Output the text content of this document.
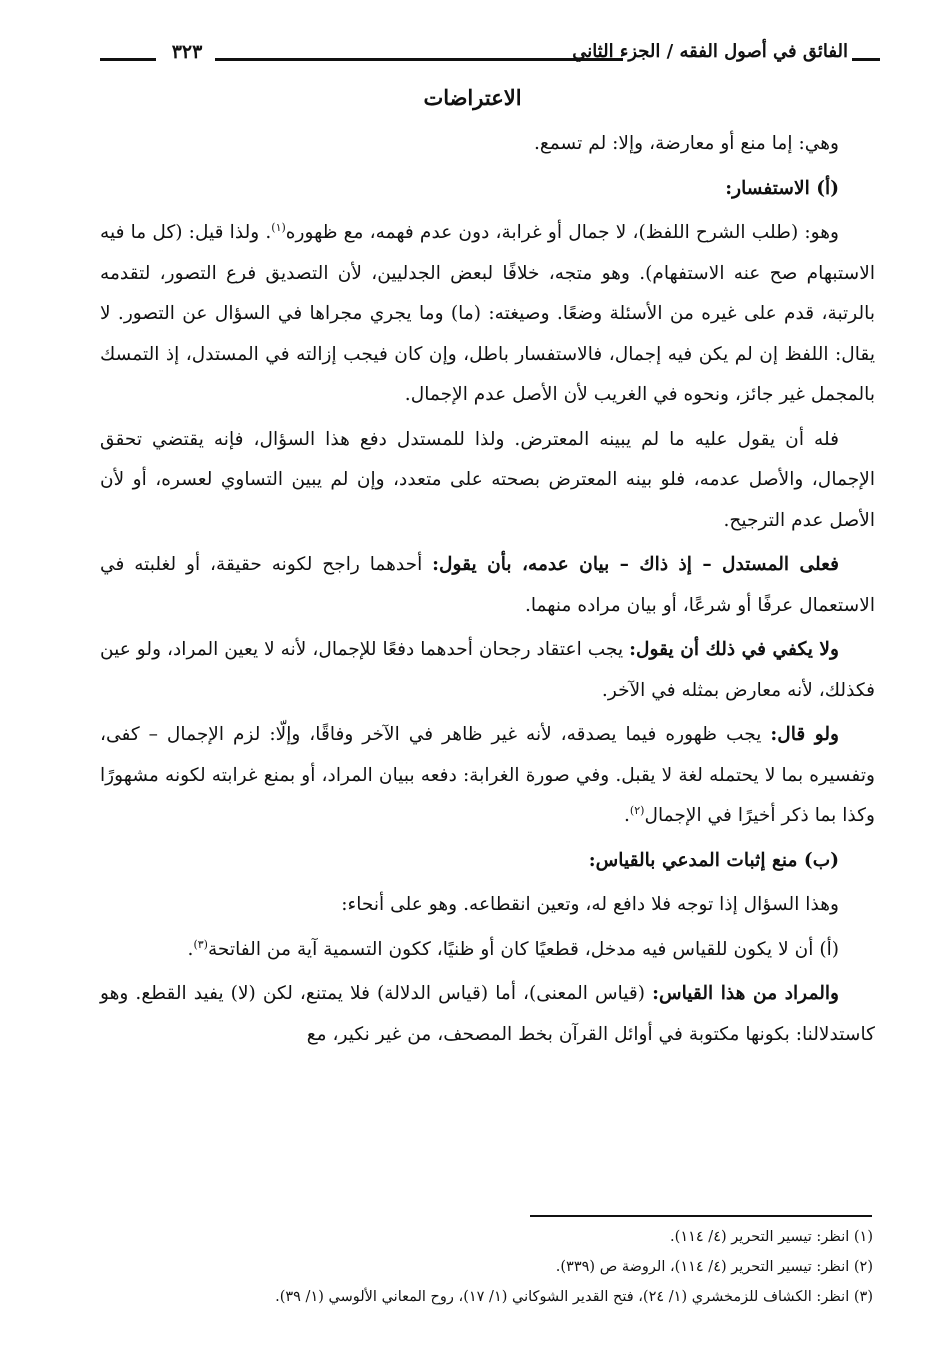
٣٢٣	الفائق في أصول الفقه / الجزء الثاني
الاعتراضات

وهي: إما منع أو معارضة، وإلا: لم تسمع.

(أ) الاستفسار:

وهو: (طلب الشرح اللفظ)، لا جمال أو غرابة، دون عدم فهمه، مع ظهوره$^{(١)}$. ولذا قيل: (كل ما فيه الاستبهام صح عنه الاستفهام). وهو متجه، خلافًا لبعض الجدليين، لأن التصديق فرع التصور، لتقدمه بالرتبة، قدم على غيره من الأسئلة وضعًا. وصيغته: (ما) وما يجري مجراها في السؤال عن التصور. لا يقال: اللفظ إن لم يكن فيه إجمال، فالاستفسار باطل، وإن كان فيجب إزالته في المستدل، إذ التمسك بالمجمل غير جائز، ونحوه في الغريب لأن الأصل عدم الإجمال.

فله أن يقول عليه ما لم يبينه المعترض. ولذا للمستدل دفع هذا السؤال، فإنه يقتضي تحقق الإجمال، والأصل عدمه، فلو بينه المعترض بصحته على متعدد، وإن لم يبين التساوي لعسره، أو لأن الأصل عدم الترجيح.

فعلى المستدل – إذ ذاك – بيان عدمه، بأن يقول: أحدهما راجح لكونه حقيقة، أو لغلبته في الاستعمال عرفًا أو شرعًا، أو بيان مراده منهما.

ولا يكفي في ذلك أن يقول: يجب اعتقاد رجحان أحدهما دفعًا للإجمال، لأنه لا يعين المراد، ولو عين فكذلك، لأنه معارض بمثله في الآخر.

ولو قال: يجب ظهوره فيما يصدقه، لأنه غير ظاهر في الآخر وفاقًا، وإلّا: لزم الإجمال – كفى، وتفسيره بما لا يحتمله لغة لا يقبل. وفي صورة الغرابة: دفعه ببيان المراد، أو بمنع غرابته لكونه مشهورًا وكذا بما ذكر أخيرًا في الإجمال$^{(٢)}$.

(ب) منع إثبات المدعي بالقياس:

وهذا السؤال إذا توجه فلا دافع له، وتعين انقطاعه. وهو على أنحاء:

(أ) أن لا يكون للقياس فيه مدخل، قطعيًا كان أو ظنيًا، ككون التسمية آية من الفاتحة$^{(٣)}$.

والمراد من هذا القياس: (قياس المعنى)، أما (قياس الدلالة) فلا يمتنع، لكن (لا) يفيد القطع. وهو كاستدلالنا: بكونها مكتوبة في أوائل القرآن بخط المصحف، من غير نكير، مع

(١) انظر: تيسير التحرير (٤/ ١١٤).

(٢) انظر: تيسير التحرير (٤/ ١١٤)، الروضة ص (٣٣٩).

(٣) انظر: الكشاف للزمخشري (١/ ٢٤)، فتح القدير الشوكاني (١/ ١٧)، روح المعاني الألوسي (١/ ٣٩).
